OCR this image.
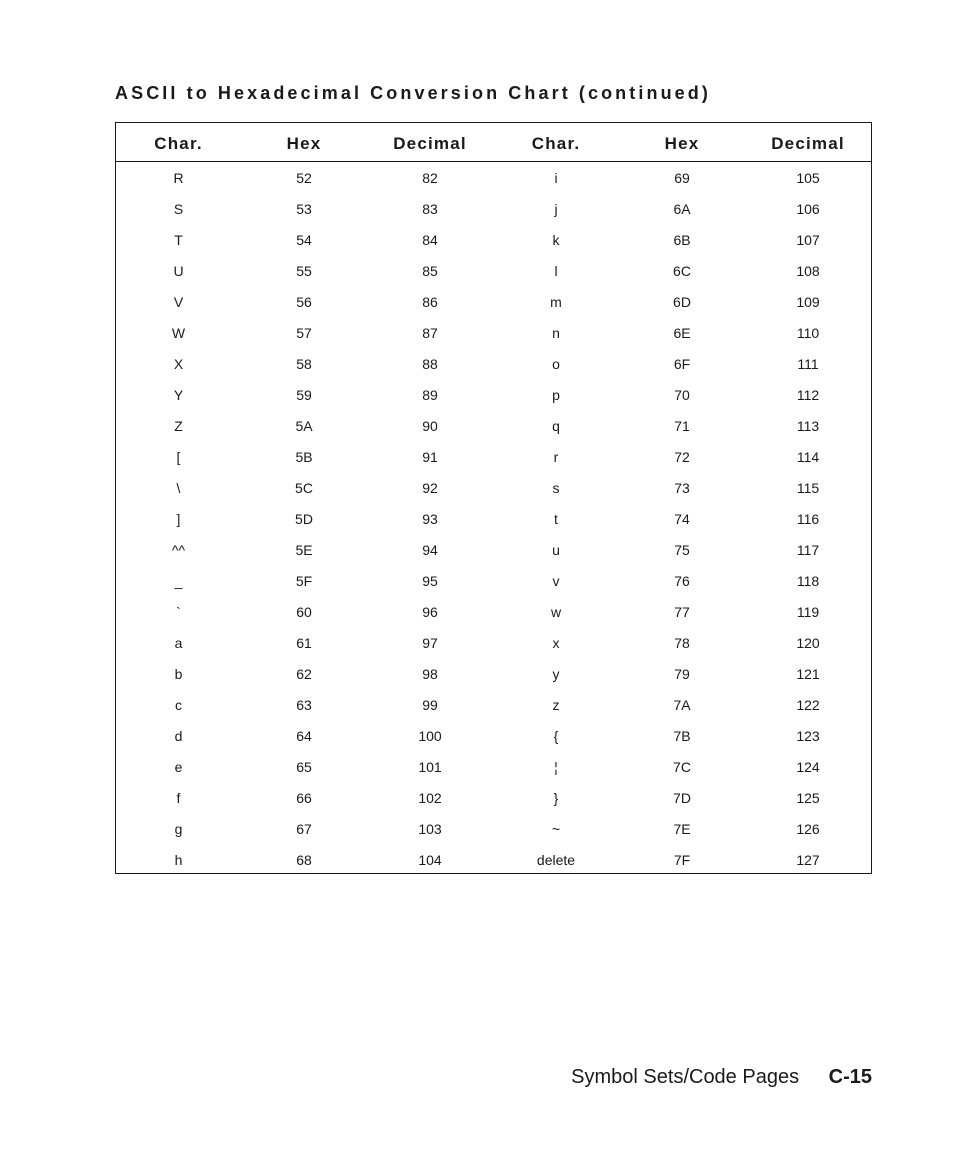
ASCII to Hexadecimal Conversion Chart (continued)
Char.	Hex	Decimal	Char.	Hex	Decimal
R	52	82	i	69	105
S	53	83	j	6A	106
T	54	84	k	6B	107
U	55	85	l	6C	108
V	56	86	m	6D	109
W	57	87	n	6E	110
X	58	88	o	6F	111
Y	59	89	p	70	112
Z	5A	90	q	71	113
[	5B	91	r	72	114
\	5C	92	s	73	115
]	5D	93	t	74	116
^^	5E	94	u	75	117
_	5F	95	v	76	118
`	60	96	w	77	119
a	61	97	x	78	120
b	62	98	y	79	121
c	63	99	z	7A	122
d	64	100	{	7B	123
e	65	101	¦	7C	124
f	66	102	}	7D	125
g	67	103	~	7E	126
h	68	104	delete	7F	127
Symbol Sets/Code Pages C-15
